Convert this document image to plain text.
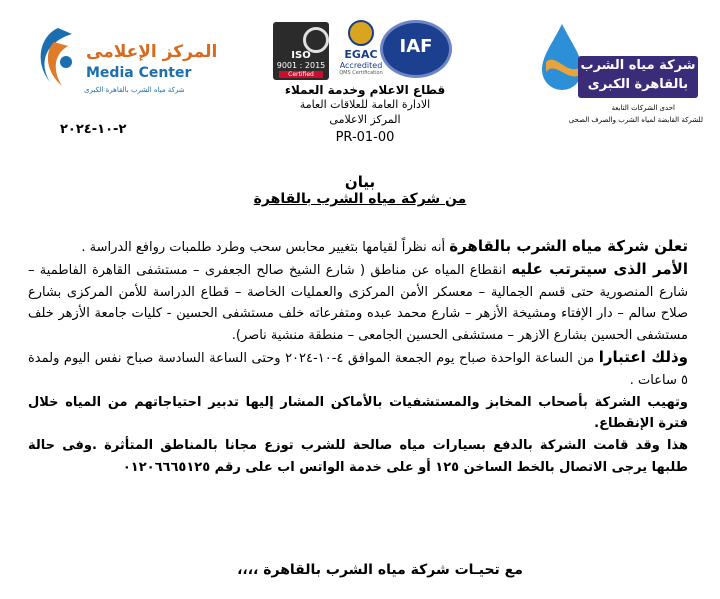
المركز الإعلامى
Media Center
شركة مياه الشرب بالقاهرة الكبرى
ISO
9001 : 2015
Certified
EGAC
Accredited
QMS Certification
IAF
قطاع الاعلام وخدمة العملاء
الادارة العامة للعلاقات العامة
المركز الاعلامى
PR-01-00
شركة مياه الشرب
بالقاهرة الكبرى
احدى الشركات التابعة
للشركة القابضة لمياه الشرب والصرف الصحى
٢-١٠-٢٠٢٤
بيان
من شركة مياه الشرب بالقاهرة

تعلن شركة مياه الشرب بالقاهرة أنه نظراً لقيامها بتغيير محابس سحب وطرد طلمبات روافع الدراسة .

الأمر الذى سيترتب عليه انقطاع المياه عن مناطق ( شارع الشيخ صالح الجعفرى – مستشفى القاهرة الفاطمية – شارع المنصورية حتى قسم الجمالية – معسكر الأمن المركزى والعمليات الخاصة – قطاع الدراسة للأمن المركزى بشارع صلاح سالم – دار الإفتاء ومشيخة الأزهر – شارع محمد عبده ومتفرعاته خلف مستشفى الحسين - كليات جامعة الأزهر خلف مستشفى الحسين بشارع الازهر – مستشفى الحسين الجامعى – منطقة منشية ناصر).

وذلك اعتبارا من الساعة الواحدة صباح يوم الجمعة الموافق ٤-١٠-٢٠٢٤ وحتى الساعة السادسة صباح نفس اليوم ولمدة ٥ ساعات .

وتهيب الشركة بأصحاب المخابز والمستشفيات بالأماكن المشار إليها تدبير احتياجاتهم من المياه خلال فترة الإنقطاع.

هذا وقد قامت الشركة بالدفع بسيارات مياه صالحة للشرب توزع مجانا بالمناطق المتأثرة .وفى حالة طلبها يرجى الاتصال بالخط الساخن ١٢٥ أو على خدمة الواتس اب على رقم ٠١٢٠٦٦٦٥١٢٥

مع تحيـات شركة مياه الشرب بالقاهرة ،،،،
